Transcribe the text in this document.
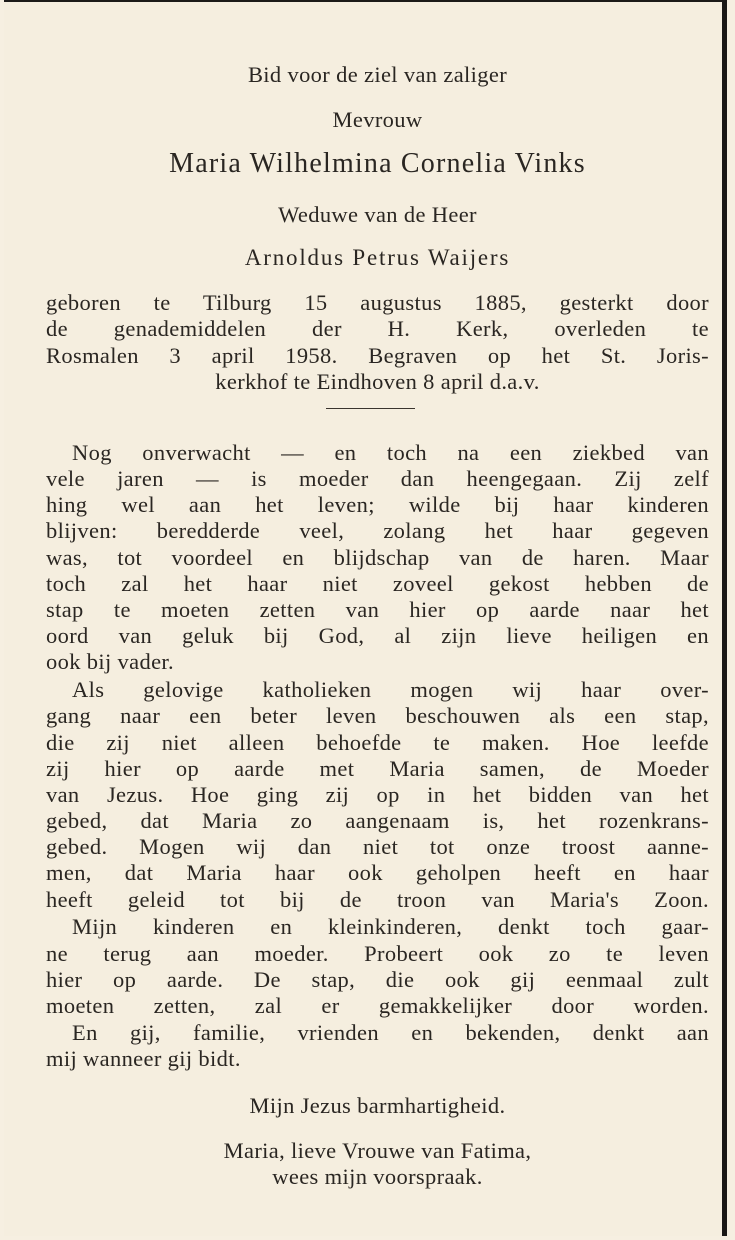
Bid voor de ziel van zaliger
Mevrouw
Maria Wilhelmina Cornelia Vinks
Weduwe van de Heer
Arnoldus Petrus Waijers
geboren te Tilburg 15 augustus 1885, gesterkt door
de genademiddelen der H. Kerk, overleden te
Rosmalen 3 april 1958. Begraven op het St. Joris-
kerkhof te Eindhoven 8 april d.a.v.
Nog onverwacht — en toch na een ziekbed van
vele jaren — is moeder dan heengegaan. Zij zelf
hing wel aan het leven; wilde bij haar kinderen
blijven: beredderde veel, zolang het haar gegeven
was, tot voordeel en blijdschap van de haren. Maar
toch zal het haar niet zoveel gekost hebben de
stap te moeten zetten van hier op aarde naar het
oord van geluk bij God, al zijn lieve heiligen en
ook bij vader.
Als gelovige katholieken mogen wij haar over-
gang naar een beter leven beschouwen als een stap,
die zij niet alleen behoefde te maken. Hoe leefde
zij hier op aarde met Maria samen, de Moeder
van Jezus. Hoe ging zij op in het bidden van het
gebed, dat Maria zo aangenaam is, het rozenkrans-
gebed. Mogen wij dan niet tot onze troost aanne-
men, dat Maria haar ook geholpen heeft en haar
heeft geleid tot bij de troon van Maria's Zoon.
Mijn kinderen en kleinkinderen, denkt toch gaar-
ne terug aan moeder. Probeert ook zo te leven
hier op aarde. De stap, die ook gij eenmaal zult
moeten zetten, zal er gemakkelijker door worden.
En gij, familie, vrienden en bekenden, denkt aan
mij wanneer gij bidt.
Mijn Jezus barmhartigheid.
Maria, lieve Vrouwe van Fatima,
wees mijn voorspraak.
